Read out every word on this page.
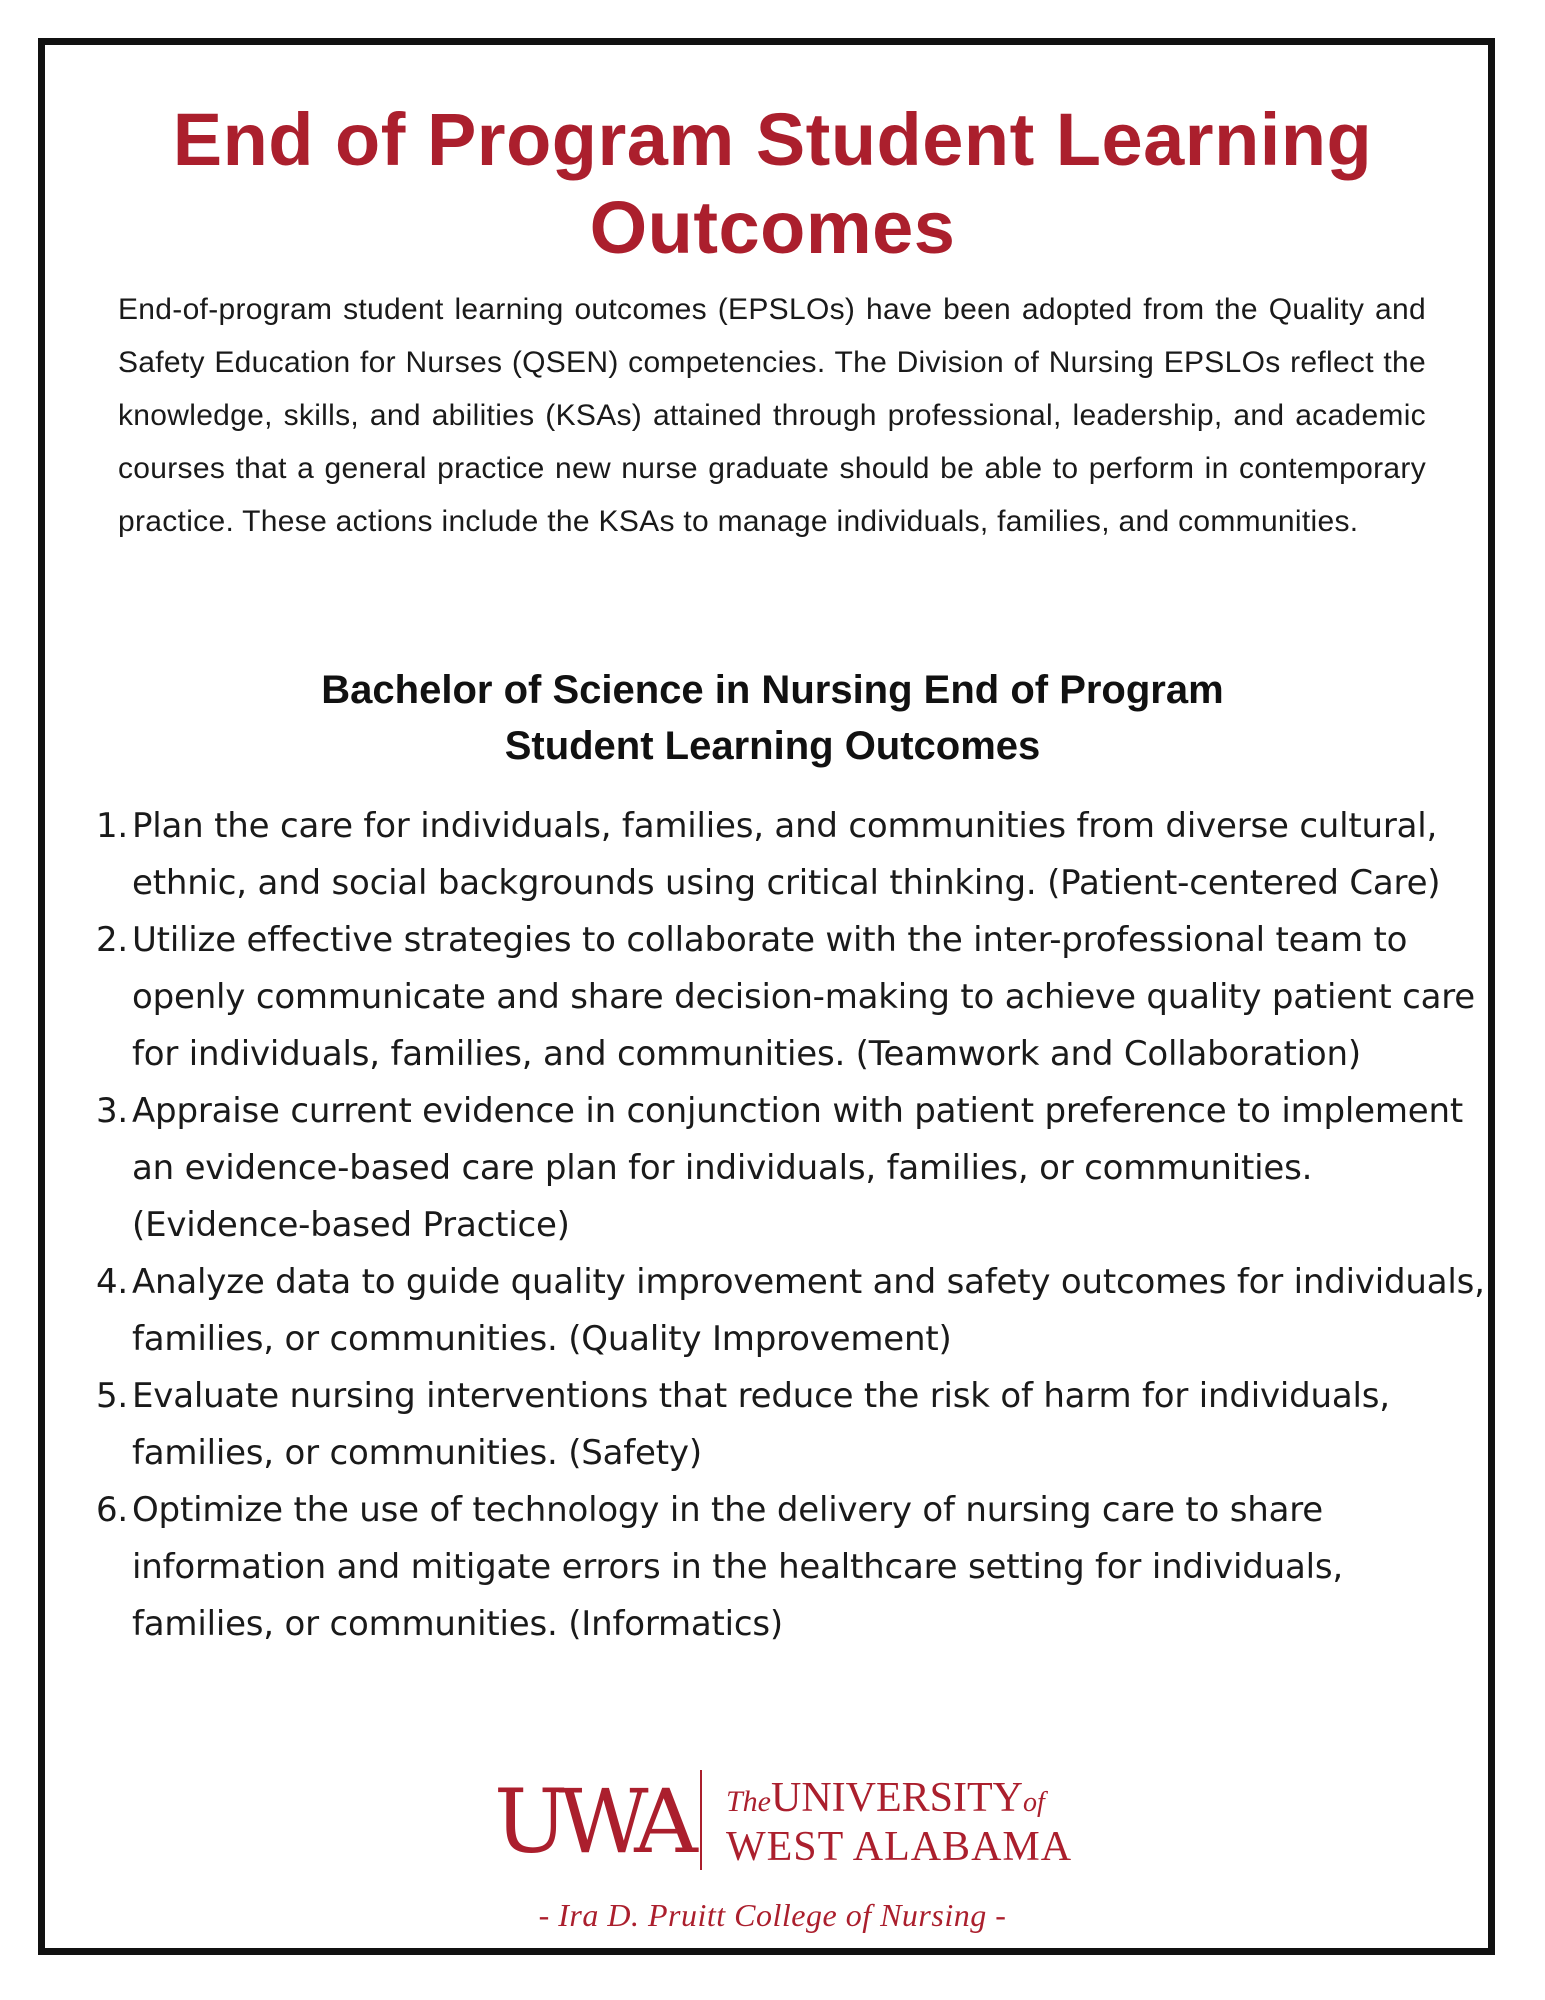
End of Program Student Learning
Outcomes

End-of-program student learning outcomes (EPSLOs) have been adopted from the Quality and Safety Education for Nurses (QSEN) competencies. The Division of Nursing EPSLOs reflect the knowledge, skills, and abilities (KSAs) attained through professional, leadership, and academic courses that a general practice new nurse graduate should be able to perform in contemporary practice. These actions include the KSAs to manage individuals, families, and communities.

Bachelor of Science in Nursing End of Program
Student Learning Outcomes
1. Plan the care for individuals, families, and communities from diverse cultural, ethnic, and social backgrounds using critical thinking. (Patient-centered Care)
2. Utilize effective strategies to collaborate with the inter-professional team to openly communicate and share decision-making to achieve quality patient care for individuals, families, and communities. (Teamwork and Collaboration)
3. Appraise current evidence in conjunction with patient preference to implement an evidence-based care plan for individuals, families, or communities. (Evidence-based Practice)
4. Analyze data to guide quality improvement and safety outcomes for individuals, families, or communities. (Quality Improvement)
5. Evaluate nursing interventions that reduce the risk of harm for individuals, families, or communities. (Safety)
6. Optimize the use of technology in the delivery of nursing care to share information and mitigate errors in the healthcare setting for individuals, families, or communities. (Informatics)
UWA TheUNIVERSITYof
WEST ALABAMA
- Ira D. Pruitt College of Nursing -
